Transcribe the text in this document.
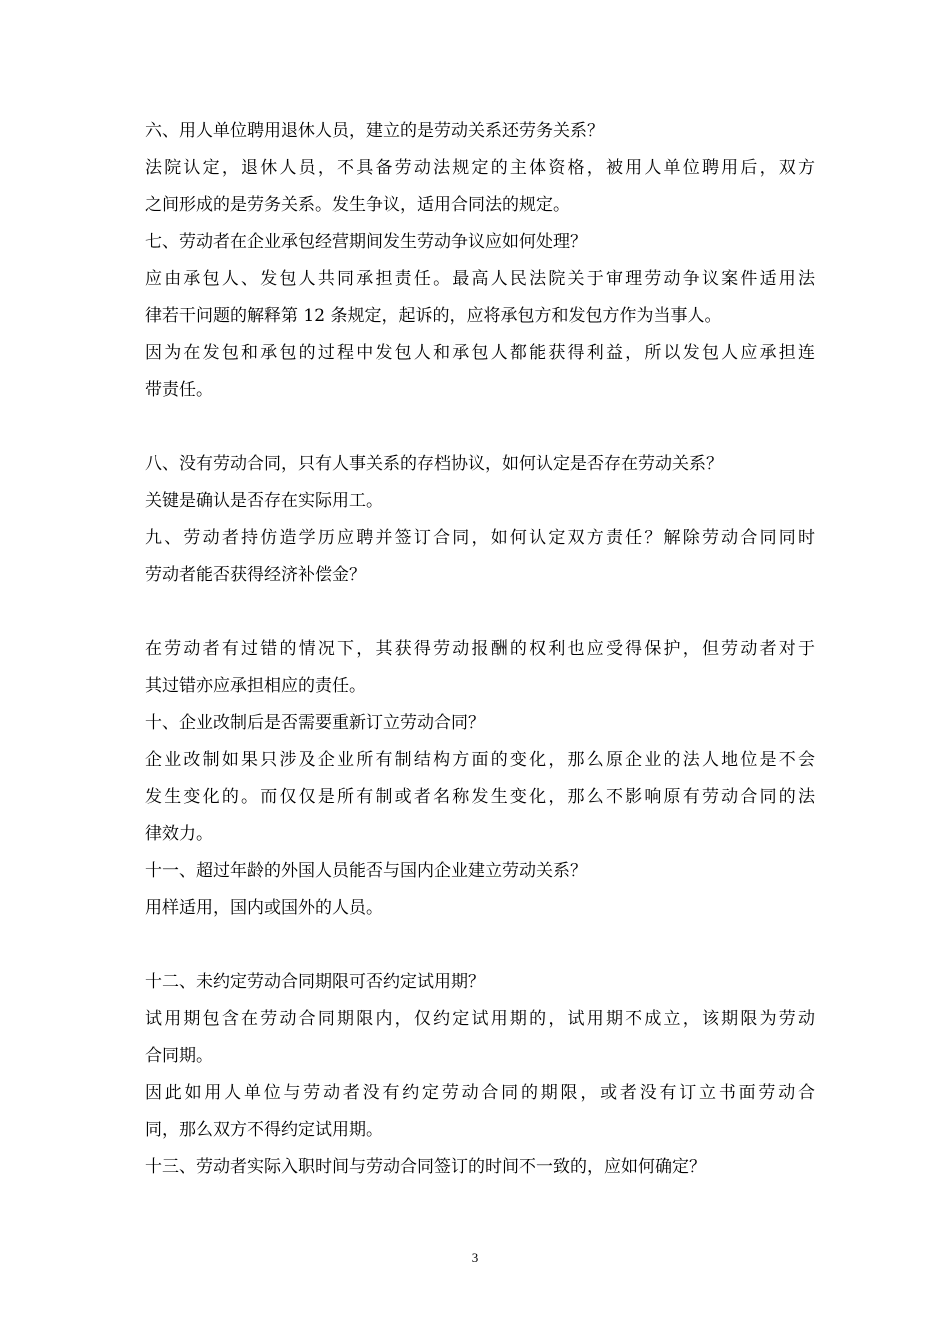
六、用人单位聘用退休人员，建立的是劳动关系还劳务关系？
法院认定，退休人员，不具备劳动法规定的主体资格，被用人单位聘用后，双方
之间形成的是劳务关系。发生争议，适用合同法的规定。
七、劳动者在企业承包经营期间发生劳动争议应如何处理？
应由承包人、发包人共同承担责任。最高人民法院关于审理劳动争议案件适用法
律若干问题的解释第 12 条规定，起诉的，应将承包方和发包方作为当事人。
因为在发包和承包的过程中发包人和承包人都能获得利益，所以发包人应承担连
带责任。
八、没有劳动合同，只有人事关系的存档协议，如何认定是否存在劳动关系？
关键是确认是否存在实际用工。
九、劳动者持仿造学历应聘并签订合同，如何认定双方责任？解除劳动合同同时
劳动者能否获得经济补偿金？
在劳动者有过错的情况下，其获得劳动报酬的权利也应受得保护，但劳动者对于
其过错亦应承担相应的责任。
十、企业改制后是否需要重新订立劳动合同？
企业改制如果只涉及企业所有制结构方面的变化，那么原企业的法人地位是不会
发生变化的。而仅仅是所有制或者名称发生变化，那么不影响原有劳动合同的法
律效力。
十一、超过年龄的外国人员能否与国内企业建立劳动关系？
用样适用，国内或国外的人员。
十二、未约定劳动合同期限可否约定试用期？
试用期包含在劳动合同期限内，仅约定试用期的，试用期不成立，该期限为劳动
合同期。
因此如用人单位与劳动者没有约定劳动合同的期限，或者没有订立书面劳动合
同，那么双方不得约定试用期。
十三、劳动者实际入职时间与劳动合同签订的时间不一致的，应如何确定？
3
